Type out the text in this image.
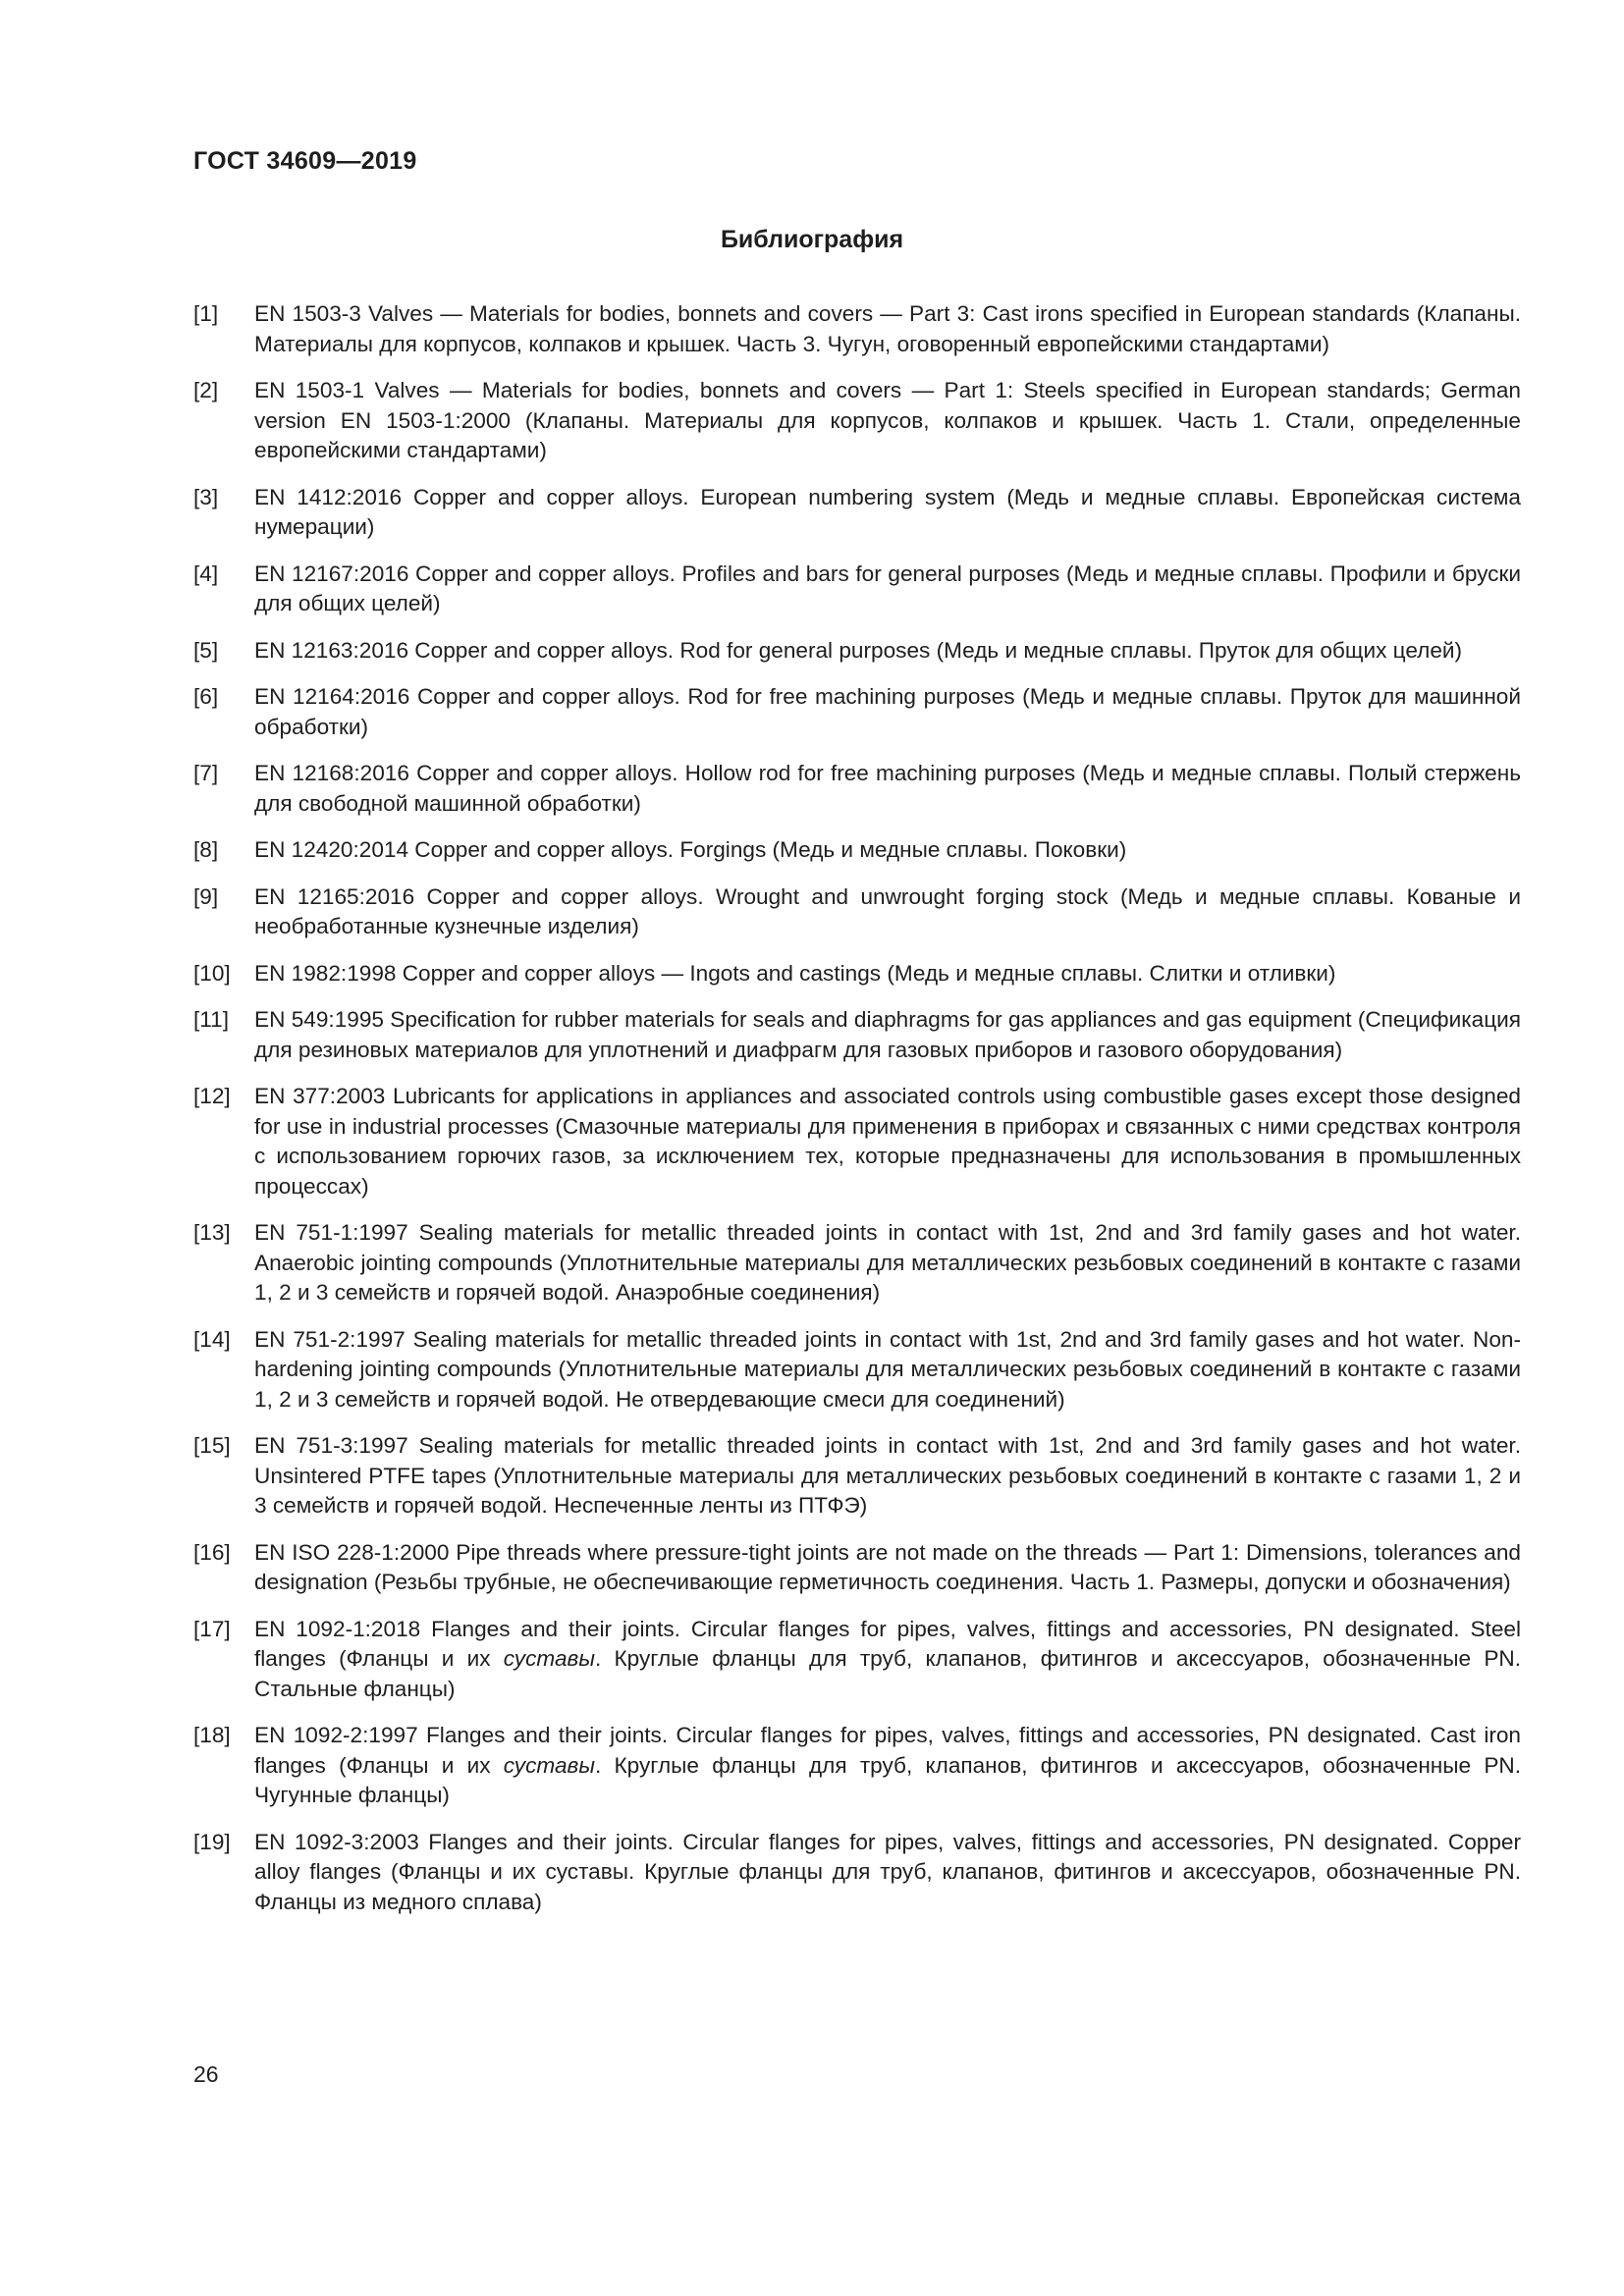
ГОСТ 34609—2019
Библиография
[1]	EN 1503-3 Valves — Materials for bodies, bonnets and covers — Part 3: Cast irons specified in European standards (Клапаны. Материалы для корпусов, колпаков и крышек. Часть 3. Чугун, оговоренный европейскими стандартами)
[2]	EN 1503-1 Valves — Materials for bodies, bonnets and covers — Part 1: Steels specified in European standards; German version EN 1503-1:2000 (Клапаны. Материалы для корпусов, колпаков и крышек. Часть 1. Стали, определенные европейскими стандартами)
[3]	EN 1412:2016 Copper and copper alloys. European numbering system (Медь и медные сплавы. Европейская система нумерации)
[4]	EN 12167:2016 Copper and copper alloys. Profiles and bars for general purposes (Медь и медные сплавы. Профили и бруски для общих целей)
[5]	EN 12163:2016 Copper and copper alloys. Rod for general purposes (Медь и медные сплавы. Пруток для общих целей)
[6]	EN 12164:2016 Copper and copper alloys. Rod for free machining purposes (Медь и медные сплавы. Пруток для машинной обработки)
[7]	EN 12168:2016 Copper and copper alloys. Hollow rod for free machining purposes (Медь и медные сплавы. Полый стержень для свободной машинной обработки)
[8]	EN 12420:2014 Copper and copper alloys. Forgings (Медь и медные сплавы. Поковки)
[9]	EN 12165:2016 Copper and copper alloys. Wrought and unwrought forging stock (Медь и медные сплавы. Кованые и необработанные кузнечные изделия)
[10]	EN 1982:1998 Copper and copper alloys — Ingots and castings (Медь и медные сплавы. Слитки и отливки)
[11]	EN 549:1995 Specification for rubber materials for seals and diaphragms for gas appliances and gas equipment (Спецификация для резиновых материалов для уплотнений и диафрагм для газовых приборов и газового оборудования)
[12]	EN 377:2003 Lubricants for applications in appliances and associated controls using combustible gases except those designed for use in industrial processes (Смазочные материалы для применения в приборах и связанных с ними средствах контроля с использованием горючих газов, за исключением тех, которые предназначены для использования в промышленных процессах)
[13]	EN 751-1:1997 Sealing materials for metallic threaded joints in contact with 1st, 2nd and 3rd family gases and hot water. Anaerobic jointing compounds (Уплотнительные материалы для металлических резьбовых соединений в контакте с газами 1, 2 и 3 семейств и горячей водой. Анаэробные соединения)
[14]	EN 751-2:1997 Sealing materials for metallic threaded joints in contact with 1st, 2nd and 3rd family gases and hot water. Non-hardening jointing compounds (Уплотнительные материалы для металлических резьбовых соединений в контакте с газами 1, 2 и 3 семейств и горячей водой. Не отвердевающие смеси для соединений)
[15]	EN 751-3:1997 Sealing materials for metallic threaded joints in contact with 1st, 2nd and 3rd family gases and hot water. Unsintered PTFE tapes (Уплотнительные материалы для металлических резьбовых соединений в контакте с газами 1, 2 и 3 семейств и горячей водой. Неспеченные ленты из ПТФЭ)
[16]	EN ISO 228-1:2000 Pipe threads where pressure-tight joints are not made on the threads — Part 1: Dimensions, tolerances and designation (Резьбы трубные, не обеспечивающие герметичность соединения. Часть 1. Размеры, допуски и обозначения)
[17]	EN 1092-1:2018 Flanges and their joints. Circular flanges for pipes, valves, fittings and accessories, PN designated. Steel flanges (Фланцы и их суставы. Круглые фланцы для труб, клапанов, фитингов и аксессуаров, обозначенные PN. Стальные фланцы)
[18]	EN 1092-2:1997 Flanges and their joints. Circular flanges for pipes, valves, fittings and accessories, PN designated. Cast iron flanges (Фланцы и их суставы. Круглые фланцы для труб, клапанов, фитингов и аксессуаров, обозначенные PN. Чугунные фланцы)
[19]	EN 1092-3:2003 Flanges and their joints. Circular flanges for pipes, valves, fittings and accessories, PN designated. Copper alloy flanges (Фланцы и их суставы. Круглые фланцы для труб, клапанов, фитингов и аксессуаров, обозначенные PN. Фланцы из медного сплава)
26
